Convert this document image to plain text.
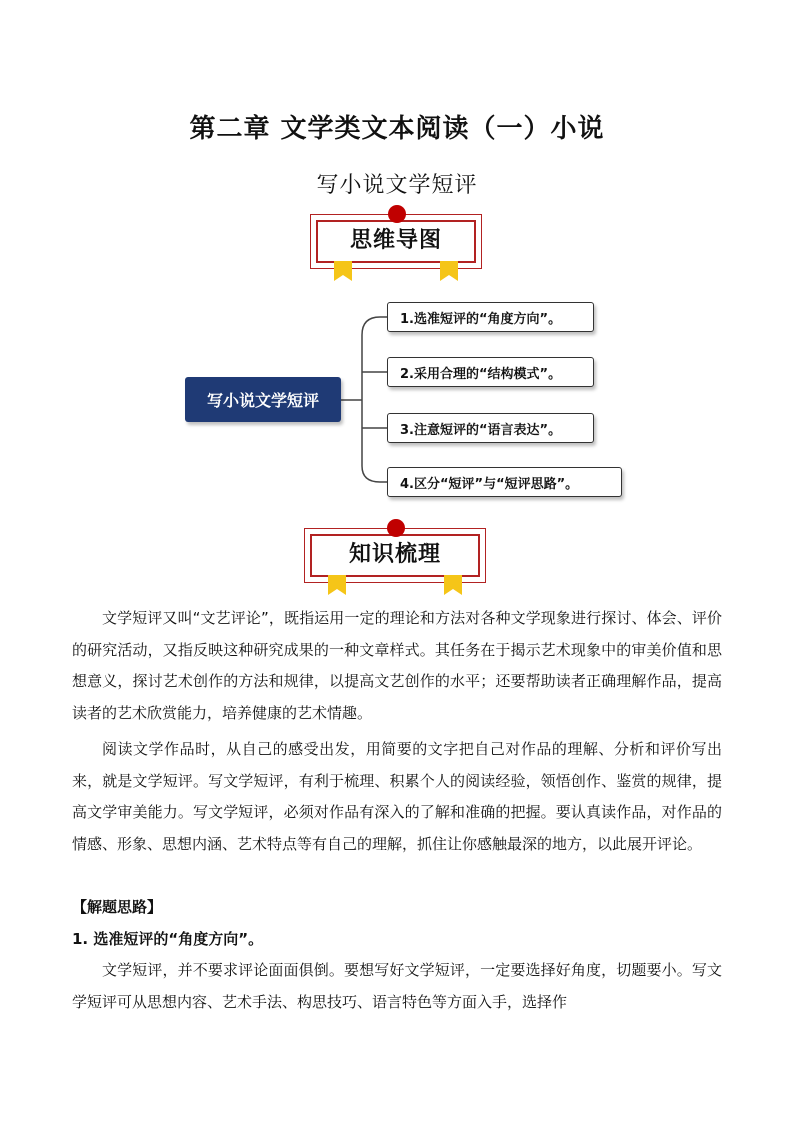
第二章 文学类文本阅读（一）小说
写小说文学短评
思维导图
写小说文学短评
1.选准短评的“角度方向”。
2.采用合理的“结构模式”。
3.注意短评的“语言表达”。
4.区分“短评”与“短评思路”。
知识梳理

文学短评又叫“文艺评论”，既指运用一定的理论和方法对各种文学现象进行探讨、体会、评价的研究活动，又指反映这种研究成果的一种文章样式。其任务在于揭示艺术现象中的审美价值和思想意义，探讨艺术创作的方法和规律，以提高文艺创作的水平；还要帮助读者正确理解作品，提高读者的艺术欣赏能力，培养健康的艺术情趣。

阅读文学作品时，从自己的感受出发，用简要的文字把自己对作品的理解、分析和评价写出来，就是文学短评。写文学短评，有利于梳理、积累个人的阅读经验，领悟创作、鉴赏的规律，提高文学审美能力。写文学短评，必须对作品有深入的了解和准确的把握。要认真读作品，对作品的情感、形象、思想内涵、艺术特点等有自己的理解，抓住让你感触最深的地方，以此展开评论。

【解题思路】

1. 选准短评的“角度方向”。

文学短评，并不要求评论面面俱倒。要想写好文学短评，一定要选择好角度，切题要小。写文学短评可从思想内容、艺术手法、构思技巧、语言特色等方面入手，选择作
